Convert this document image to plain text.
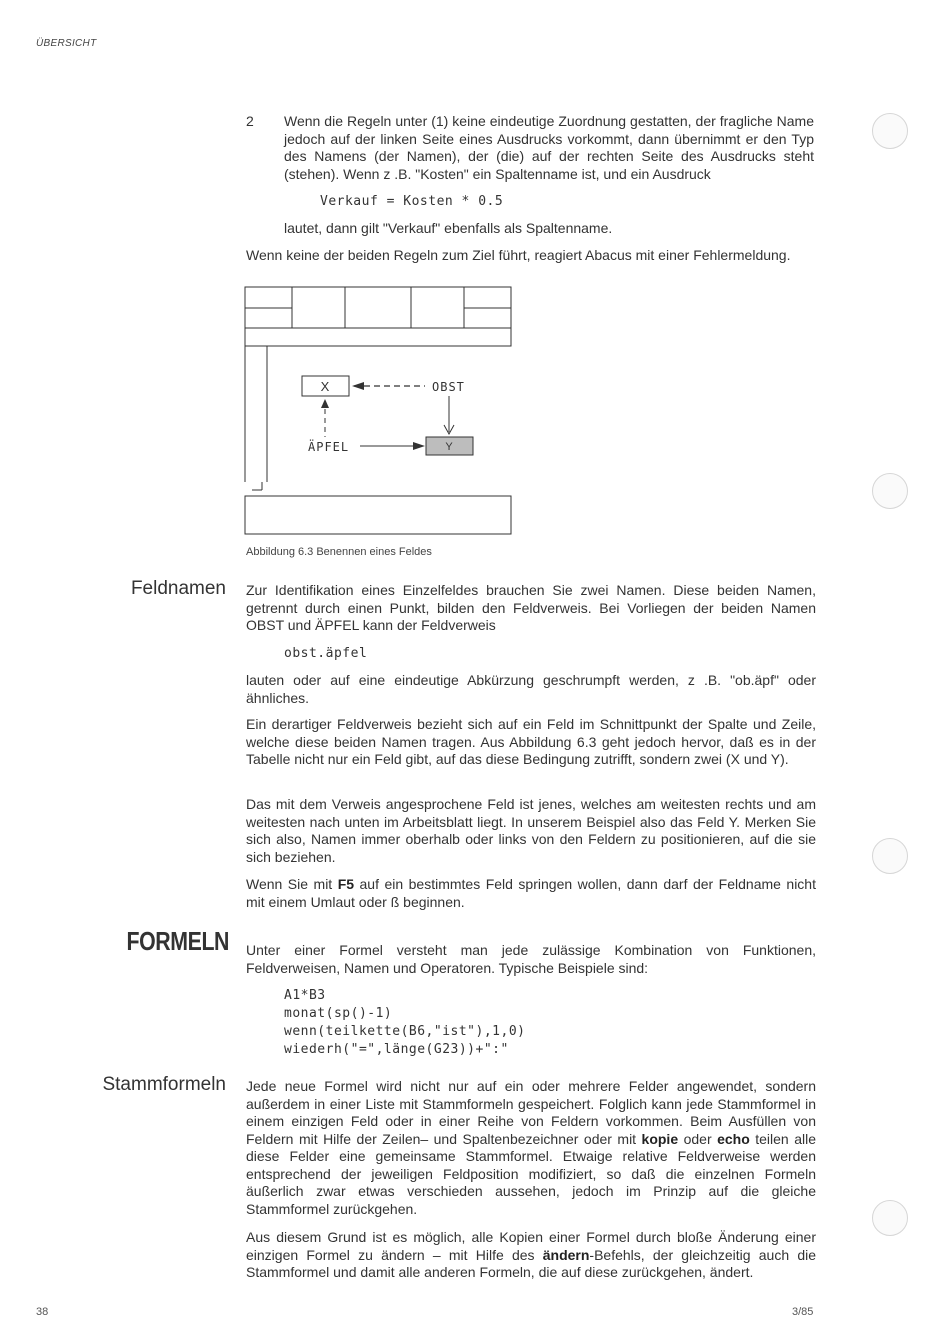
ÜBERSICHT
38	3/85
2 Wenn die Regeln unter (1) keine eindeutige Zuordnung gestatten, der fragliche Name jedoch auf der linken Seite eines Ausdrucks vorkommt, dann übernimmt er den Typ des Namens (der Namen), der (die) auf der rechten Seite des Ausdrucks steht (stehen). Wenn z .B. "Kosten" ein Spaltenname ist, und ein Ausdruck
Verkauf = Kosten * 0.5
lautet, dann gilt "Verkauf" ebenfalls als Spaltenname.
Wenn keine der beiden Regeln zum Ziel führt, reagiert Abacus mit einer Fehlermeldung.
X	OBST
ÄPFEL	Y
Abbildung 6.3 Benennen eines Feldes
Feldnamen Zur Identifikation eines Einzelfeldes brauchen Sie zwei Namen. Diese beiden Namen, getrennt durch einen Punkt, bilden den Feldverweis. Bei Vorliegen der beiden Namen OBST und ÄPFEL kann der Feldverweis
obst.äpfel
lauten oder auf eine eindeutige Abkürzung geschrumpft werden, z .B. "ob.äpf" oder ähnliches.
Ein derartiger Feldverweis bezieht sich auf ein Feld im Schnittpunkt der Spalte und Zeile, welche diese beiden Namen tragen. Aus Abbildung 6.3 geht jedoch hervor, daß es in der Tabelle nicht nur ein Feld gibt, auf das diese Bedingung zutrifft, sondern zwei (X und Y).
Das mit dem Verweis angesprochene Feld ist jenes, welches am weitesten rechts und am weitesten nach unten im Arbeitsblatt liegt. In unserem Beispiel also das Feld Y. Merken Sie sich also, Namen immer oberhalb oder links von den Feldern zu positionieren, auf die sie sich beziehen.
Wenn Sie mit F5 auf ein bestimmtes Feld springen wollen, dann darf der Feldname nicht mit einem Umlaut oder ß beginnen.
FORMELN Unter einer Formel versteht man jede zulässige Kombination von Funktionen, Feldverweisen, Namen und Operatoren. Typische Beispiele sind:
A1*B3
monat(sp()-1)
wenn(teilkette(B6,"ist"),1,0)
wiederh("=",länge(G23))+":"
Stammformeln Jede neue Formel wird nicht nur auf ein oder mehrere Felder angewendet, sondern außerdem in einer Liste mit Stammformeln gespeichert. Folglich kann jede Stammformel in einem einzigen Feld oder in einer Reihe von Feldern vorkommen. Beim Ausfüllen von Feldern mit Hilfe der Zeilen– und Spaltenbezeichner oder mit kopie oder echo teilen alle diese Felder eine gemeinsame Stammformel. Etwaige relative Feldverweise werden entsprechend der jeweiligen Feldposition modifiziert, so daß die einzelnen Formeln äußerlich zwar etwas verschieden aussehen, jedoch im Prinzip auf die gleiche Stammformel zurückgehen.
Aus diesem Grund ist es möglich, alle Kopien einer Formel durch bloße Änderung einer einzigen Formel zu ändern – mit Hilfe des ändern-Befehls, der gleichzeitig auch die Stammformel und damit alle anderen Formeln, die auf diese zurückgehen, ändert.
